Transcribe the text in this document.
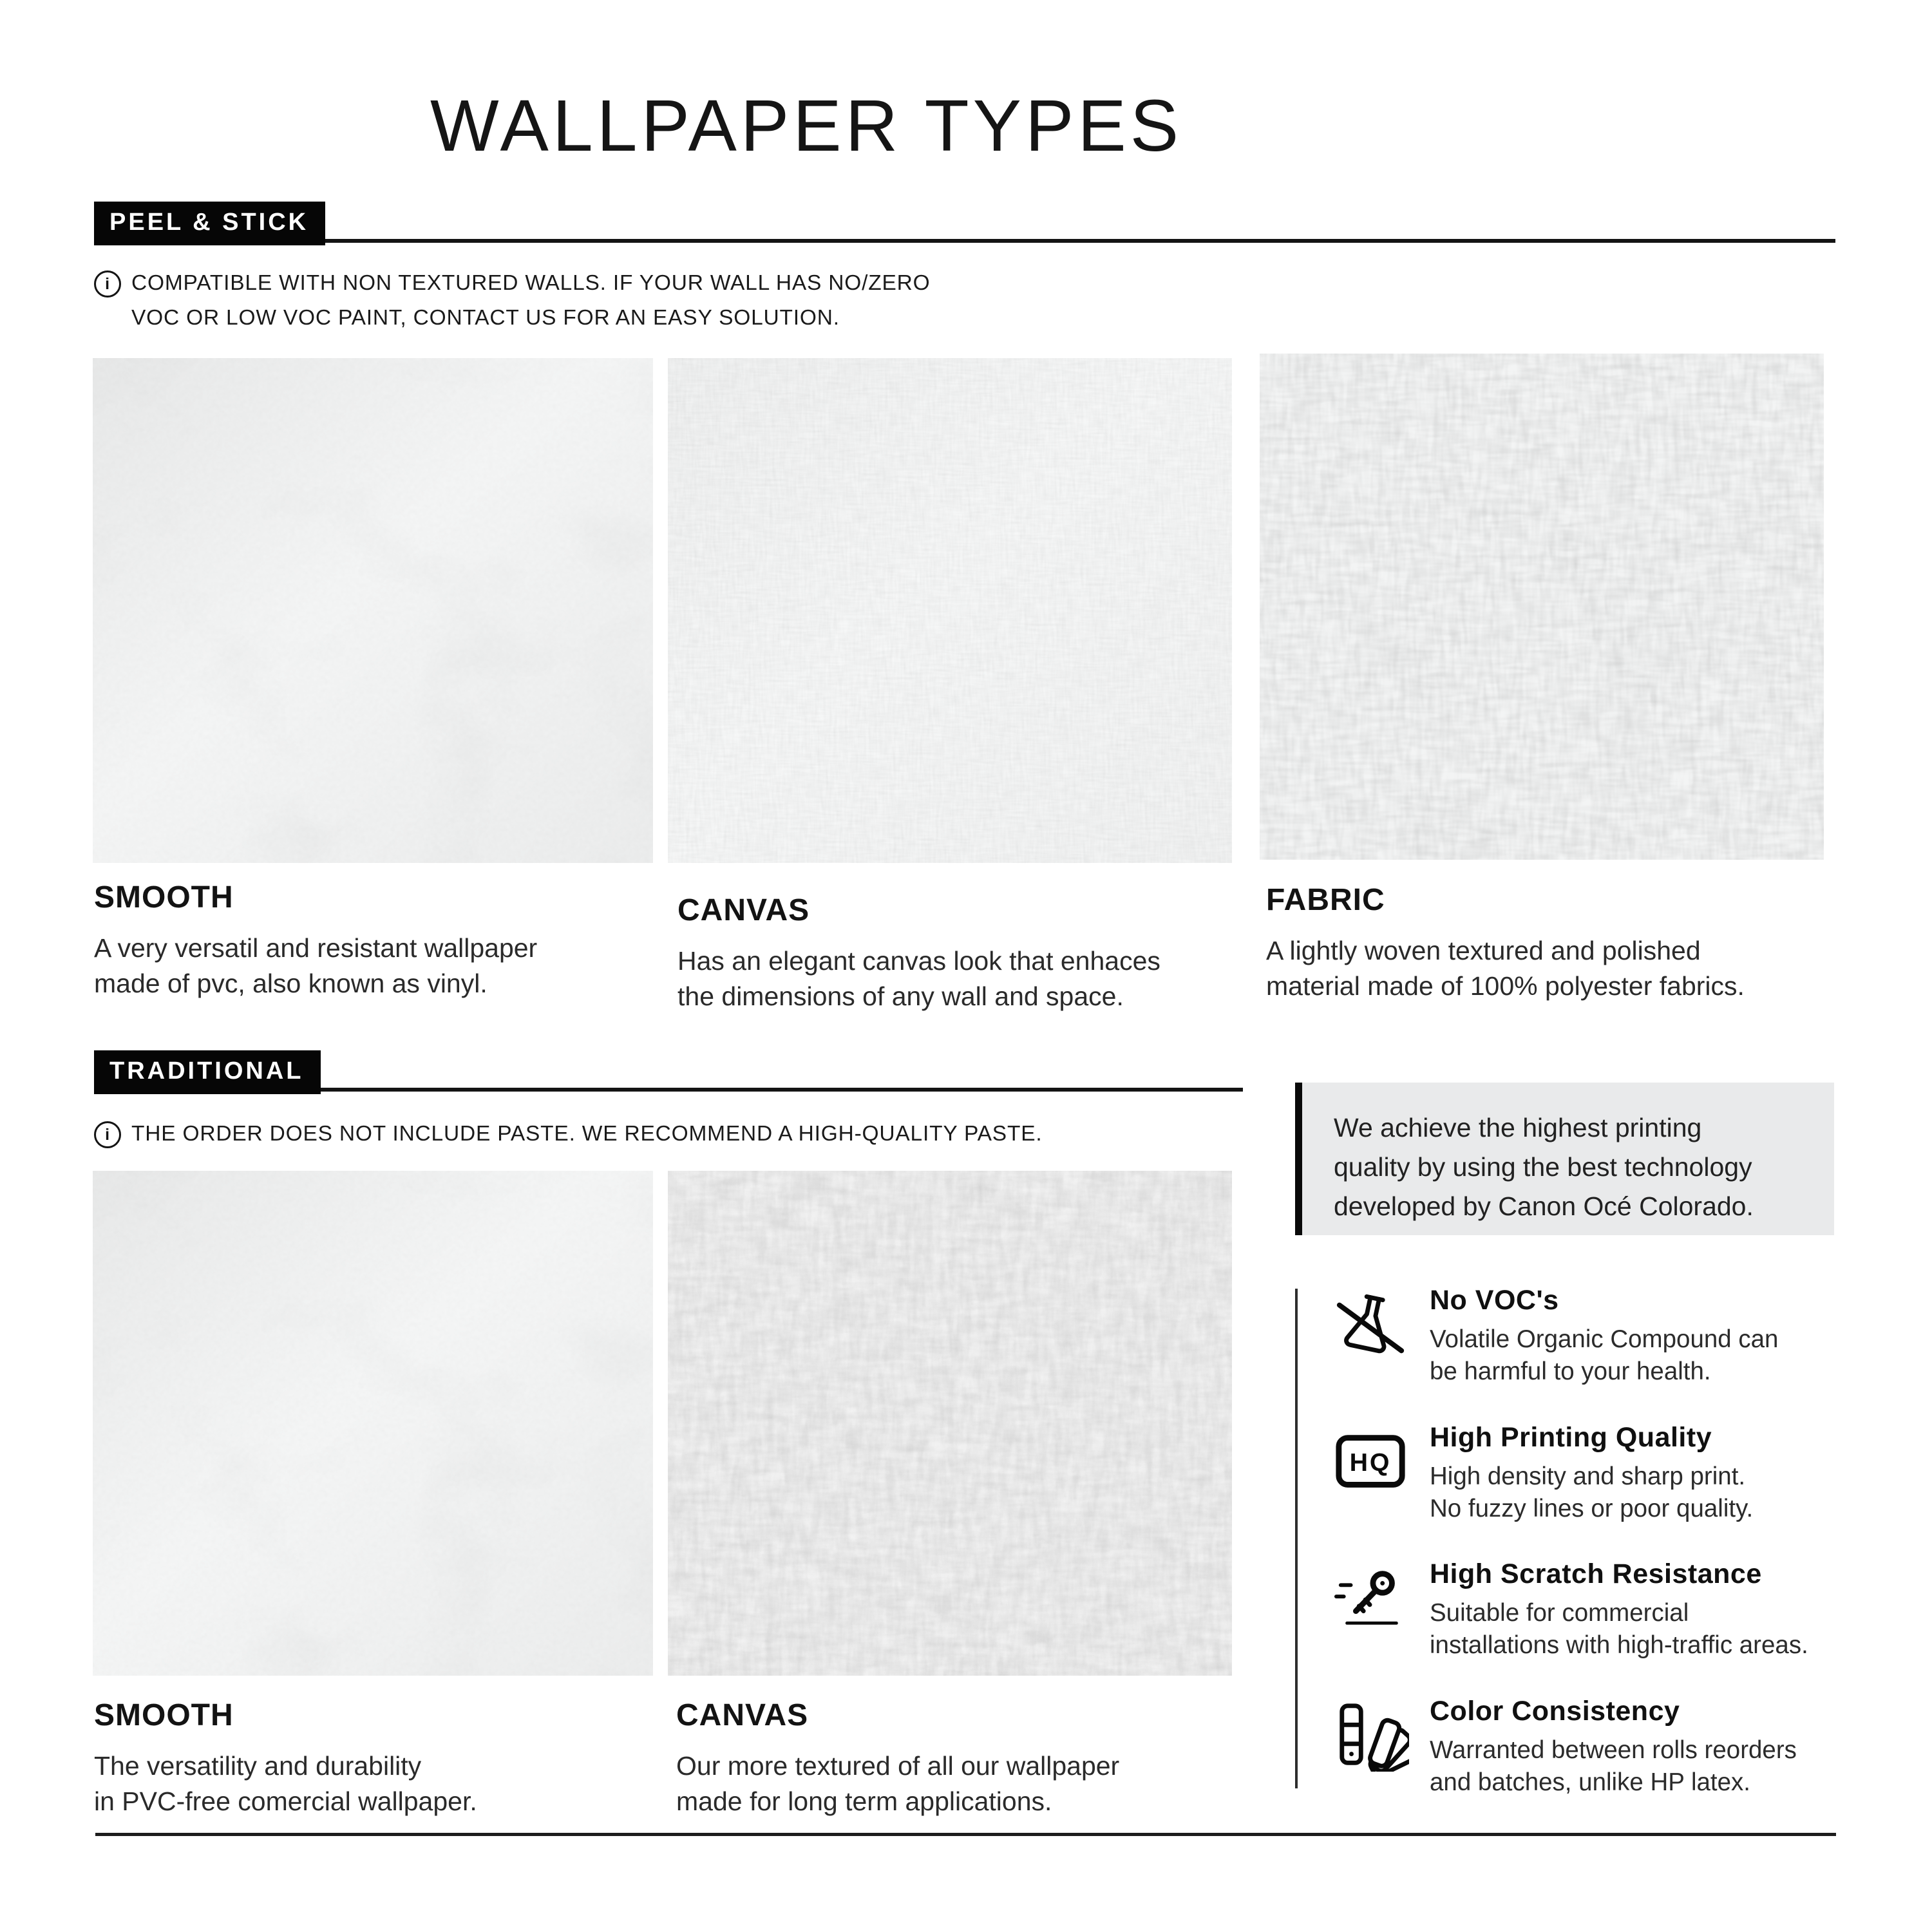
WALLPAPER TYPES
PEEL & STICK
i COMPATIBLE WITH NON TEXTURED WALLS. IF YOUR WALL HAS NO/ZERO
VOC OR LOW VOC PAINT, CONTACT US FOR AN EASY SOLUTION.
SMOOTH

A very versatil and resistant wallpaper
made of pvc, also known as vinyl.

CANVAS

Has an elegant canvas look that enhaces
the dimensions of any wall and space.

FABRIC

A lightly woven textured and polished
material made of 100% polyester fabrics.

TRADITIONAL
i THE ORDER DOES NOT INCLUDE PASTE. WE RECOMMEND A HIGH-QUALITY PASTE.
SMOOTH

The versatility and durability
in PVC-free comercial wallpaper.

CANVAS

Our more textured of all our wallpaper
made for long term applications.

We achieve the highest printing
quality by using the best technology
developed by Canon Océ Colorado.

No VOC's

Volatile Organic Compound can
be harmful to your health.

HQ
High Printing Quality

High density and sharp print.
No fuzzy lines or poor quality.

High Scratch Resistance

Suitable for commercial
installations with high-traffic areas.

Color Consistency

Warranted between rolls reorders
and batches, unlike HP latex.
